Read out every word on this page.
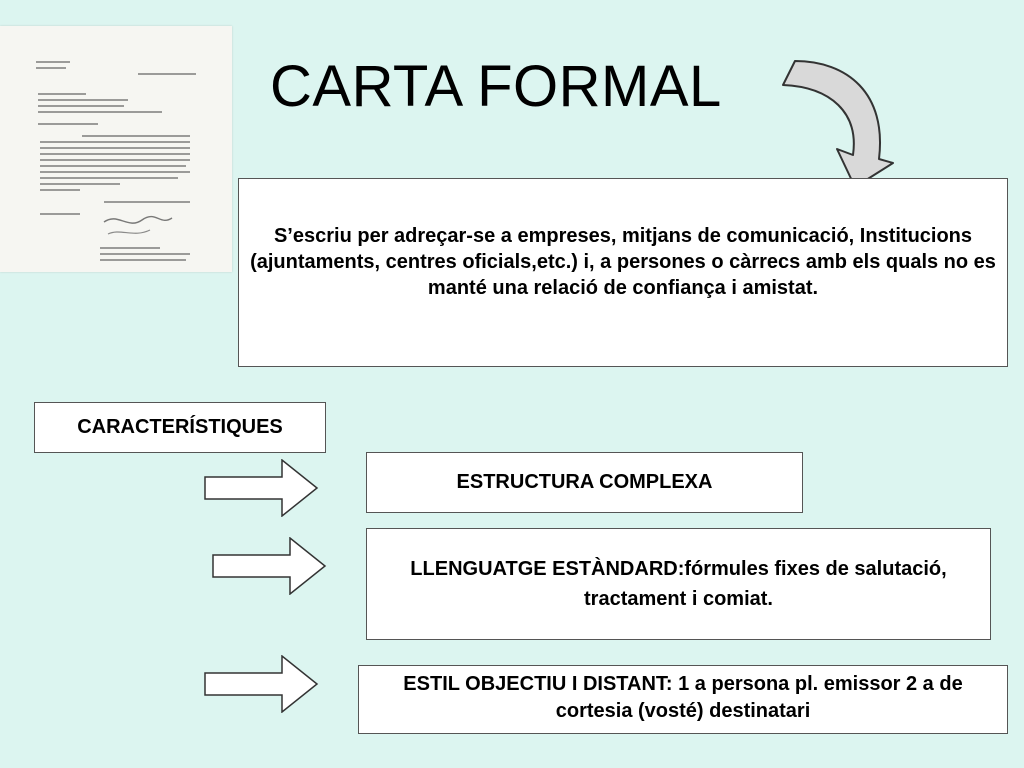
CARTA FORMAL
S’escriu per adreçar-se a empreses, mitjans de comunicació, Institucions (ajuntaments, centres oficials,etc.) i, a persones o càrrecs amb els quals no es manté una relació de confiança i amistat.
CARACTERÍSTIQUES
ESTRUCTURA COMPLEXA
LLENGUATGE ESTÀNDARD:fórmules fixes de salutació, tractament i comiat.
ESTIL OBJECTIU I DISTANT: 1 a persona pl. emissor 2 a de cortesia (vosté) destinatari
